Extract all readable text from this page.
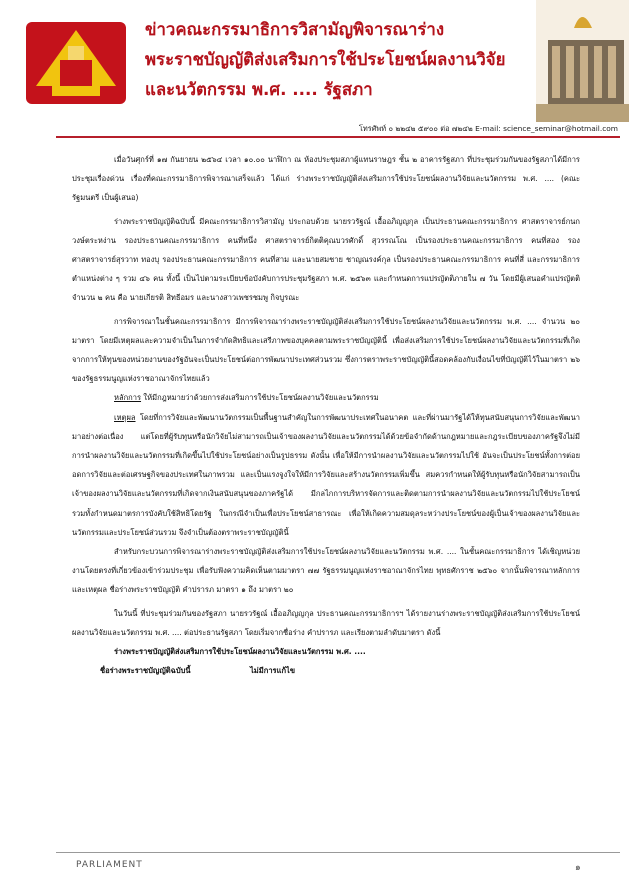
ข่าวคณะกรรมาธิการวิสามัญพิจารณาร่าง
พระราชบัญญัติส่งเสริมการใช้ประโยชน์ผลงานวิจัย
และนวัตกรรม พ.ศ. .... รัฐสภา
โทรศัพท์ ๐ ๒๒๔๒ ๕๙๐๐ ต่อ ๗๒๔๒ E-mail: science_seminar@hotmail.com

เมื่อวันศุกร์ที่ ๑๗ กันยายน ๒๕๖๔ เวลา ๑๐.๐๐ นาฬิกา ณ ห้องประชุมสภาผู้แทนราษฎร ชั้น ๒ อาคารรัฐสภา ที่ประชุมร่วมกันของรัฐสภาได้มีการประชุมเรื่องด่วน เรื่องที่คณะกรรมาธิการพิจารณาเสร็จแล้ว ได้แก่ ร่างพระราชบัญญัติส่งเสริมการใช้ประโยชน์ผลงานวิจัยและนวัตกรรม พ.ศ. .... (คณะรัฐมนตรี เป็นผู้เสนอ)

ร่างพระราชบัญญัติฉบับนี้ มีคณะกรรมาธิการวิสามัญ ประกอบด้วย นายรวรัฐณ์ เอื้ออภิญญกุล เป็นประธานคณะกรรมาธิการ ศาสตราจารย์กนก วงษ์ตระหง่าน รองประธานคณะกรรมาธิการ คนที่หนึ่ง ศาสตราจารย์กิตติคุณบวรศักดิ์ สุวรรณโณ เป็นรองประธานคณะกรรมาธิการ คนที่สอง รองศาสตราจารย์สุรวาท ทองบุ รองประธานคณะกรรมาธิการ คนที่สาม และนายสมชาย ชาญณรงค์กุล เป็นรองประธานคณะกรรมาธิการ คนที่สี่ และกรรมาธิการตำแหน่งต่าง ๆ รวม ๔๖ คน ทั้งนี้ เป็นไปตามระเบียบข้อบังคับการประชุมรัฐสภา พ.ศ. ๒๕๖๓ และกำหนดการแปรญัตติภายใน ๗ วัน โดยมีผู้เสนอคำแปรญัตติ จำนวน ๒ คน คือ นายเกียรติ สิทธีอมร และนางสาวเพชรชมพู กิจบูรณะ

การพิจารณาในชั้นคณะกรรมาธิการ มีการพิจารณาร่างพระราชบัญญัติส่งเสริมการใช้ประโยชน์ผลงานวิจัยและนวัตกรรม พ.ศ. .... จำนวน ๒๐ มาตรา โดยมีเหตุผลและความจำเป็นในการจำกัดสิทธิและเสรีภาพของบุคคลตามพระราชบัญญัตินี้ เพื่อส่งเสริมการใช้ประโยชน์ผลงานวิจัยและนวัตกรรมที่เกิดจากการให้ทุนของหน่วยงานของรัฐอันจะเป็นประโยชน์ต่อการพัฒนาประเทศส่วนรวม ซึ่งการตราพระราชบัญญัตินี้สอดคล้องกับเงื่อนไขที่บัญญัติไว้ในมาตรา ๒๖ ของรัฐธรรมนูญแห่งราชอาณาจักรไทยแล้ว

หลักการ ให้มีกฎหมายว่าด้วยการส่งเสริมการใช้ประโยชน์ผลงานวิจัยและนวัตกรรม

เหตุผล โดยที่การวิจัยและพัฒนานวัตกรรมเป็นพื้นฐานสำคัญในการพัฒนาประเทศในอนาคต และที่ผ่านมารัฐได้ให้ทุนสนับสนุนการวิจัยและพัฒนามาอย่างต่อเนื่อง แต่โดยที่ผู้รับทุนหรือนักวิจัยไม่สามารถเป็นเจ้าของผลงานวิจัยและนวัตกรรมได้ด้วยข้อจำกัดด้านกฎหมายและกฎระเบียบของภาครัฐจึงไม่มีการนำผลงานวิจัยและนวัตกรรมที่เกิดขึ้นไปใช้ประโยชน์อย่างเป็นรูปธรรม ดังนั้น เพื่อให้มีการนำผลงานวิจัยและนวัตกรรมไปใช้ อันจะเป็นประโยชน์ทั้งการต่อยอดการวิจัยและต่อเศรษฐกิจของประเทศในภาพรวม และเป็นแรงจูงใจให้มีการวิจัยและสร้างนวัตกรรมเพิ่มขึ้น สมควรกำหนดให้ผู้รับทุนหรือนักวิจัยสามารถเป็นเจ้าของผลงานวิจัยและนวัตกรรมที่เกิดจากเงินสนับสนุนของภาครัฐได้ มีกลไกการบริหารจัดการและติดตามการนำผลงานวิจัยและนวัตกรรมไปใช้ประโยชน์ รวมทั้งกำหนดมาตรการบังคับใช้สิทธิโดยรัฐ ในกรณีจำเป็นเพื่อประโยชน์สาธารณะ เพื่อให้เกิดความสมดุลระหว่างประโยชน์ของผู้เป็นเจ้าของผลงานวิจัยและนวัตกรรมและประโยชน์ส่วนรวม จึงจำเป็นต้องตราพระราชบัญญัตินี้

สำหรับกระบวนการพิจารณาร่างพระราชบัญญัติส่งเสริมการใช้ประโยชน์ผลงานวิจัยและนวัตกรรม พ.ศ. .... ในชั้นคณะกรรมาธิการ ได้เชิญหน่วยงานโดยตรงที่เกี่ยวข้องเข้าร่วมประชุม เพื่อรับฟังความคิดเห็นตามมาตรา ๗๗ รัฐธรรมนูญแห่งราชอาณาจักรไทย พุทธศักราช ๒๕๖๐ จากนั้นพิจารณาหลักการและเหตุผล ชื่อร่างพระราชบัญญัติ คำปรารภ มาตรา ๑ ถึง มาตรา ๒๐

ในวันนี้ ที่ประชุมร่วมกันของรัฐสภา นายรวรัฐณ์ เอื้ออภิญญกุล ประธานคณะกรรมาธิการฯ ได้รายงานร่างพระราชบัญญัติส่งเสริมการใช้ประโยชน์ผลงานวิจัยและนวัตกรรม พ.ศ. .... ต่อประธานรัฐสภา โดยเริ่มจากชื่อร่าง คำปรารภ และเรียงตามลำดับมาตรา ดังนี้

ร่างพระราชบัญญัติส่งเสริมการใช้ประโยชน์ผลงานวิจัยและนวัตกรรม พ.ศ. ....

ชื่อร่างพระราชบัญญัติฉบับนี้	ไม่มีการแก้ไข
PARLIAMENT	๑
